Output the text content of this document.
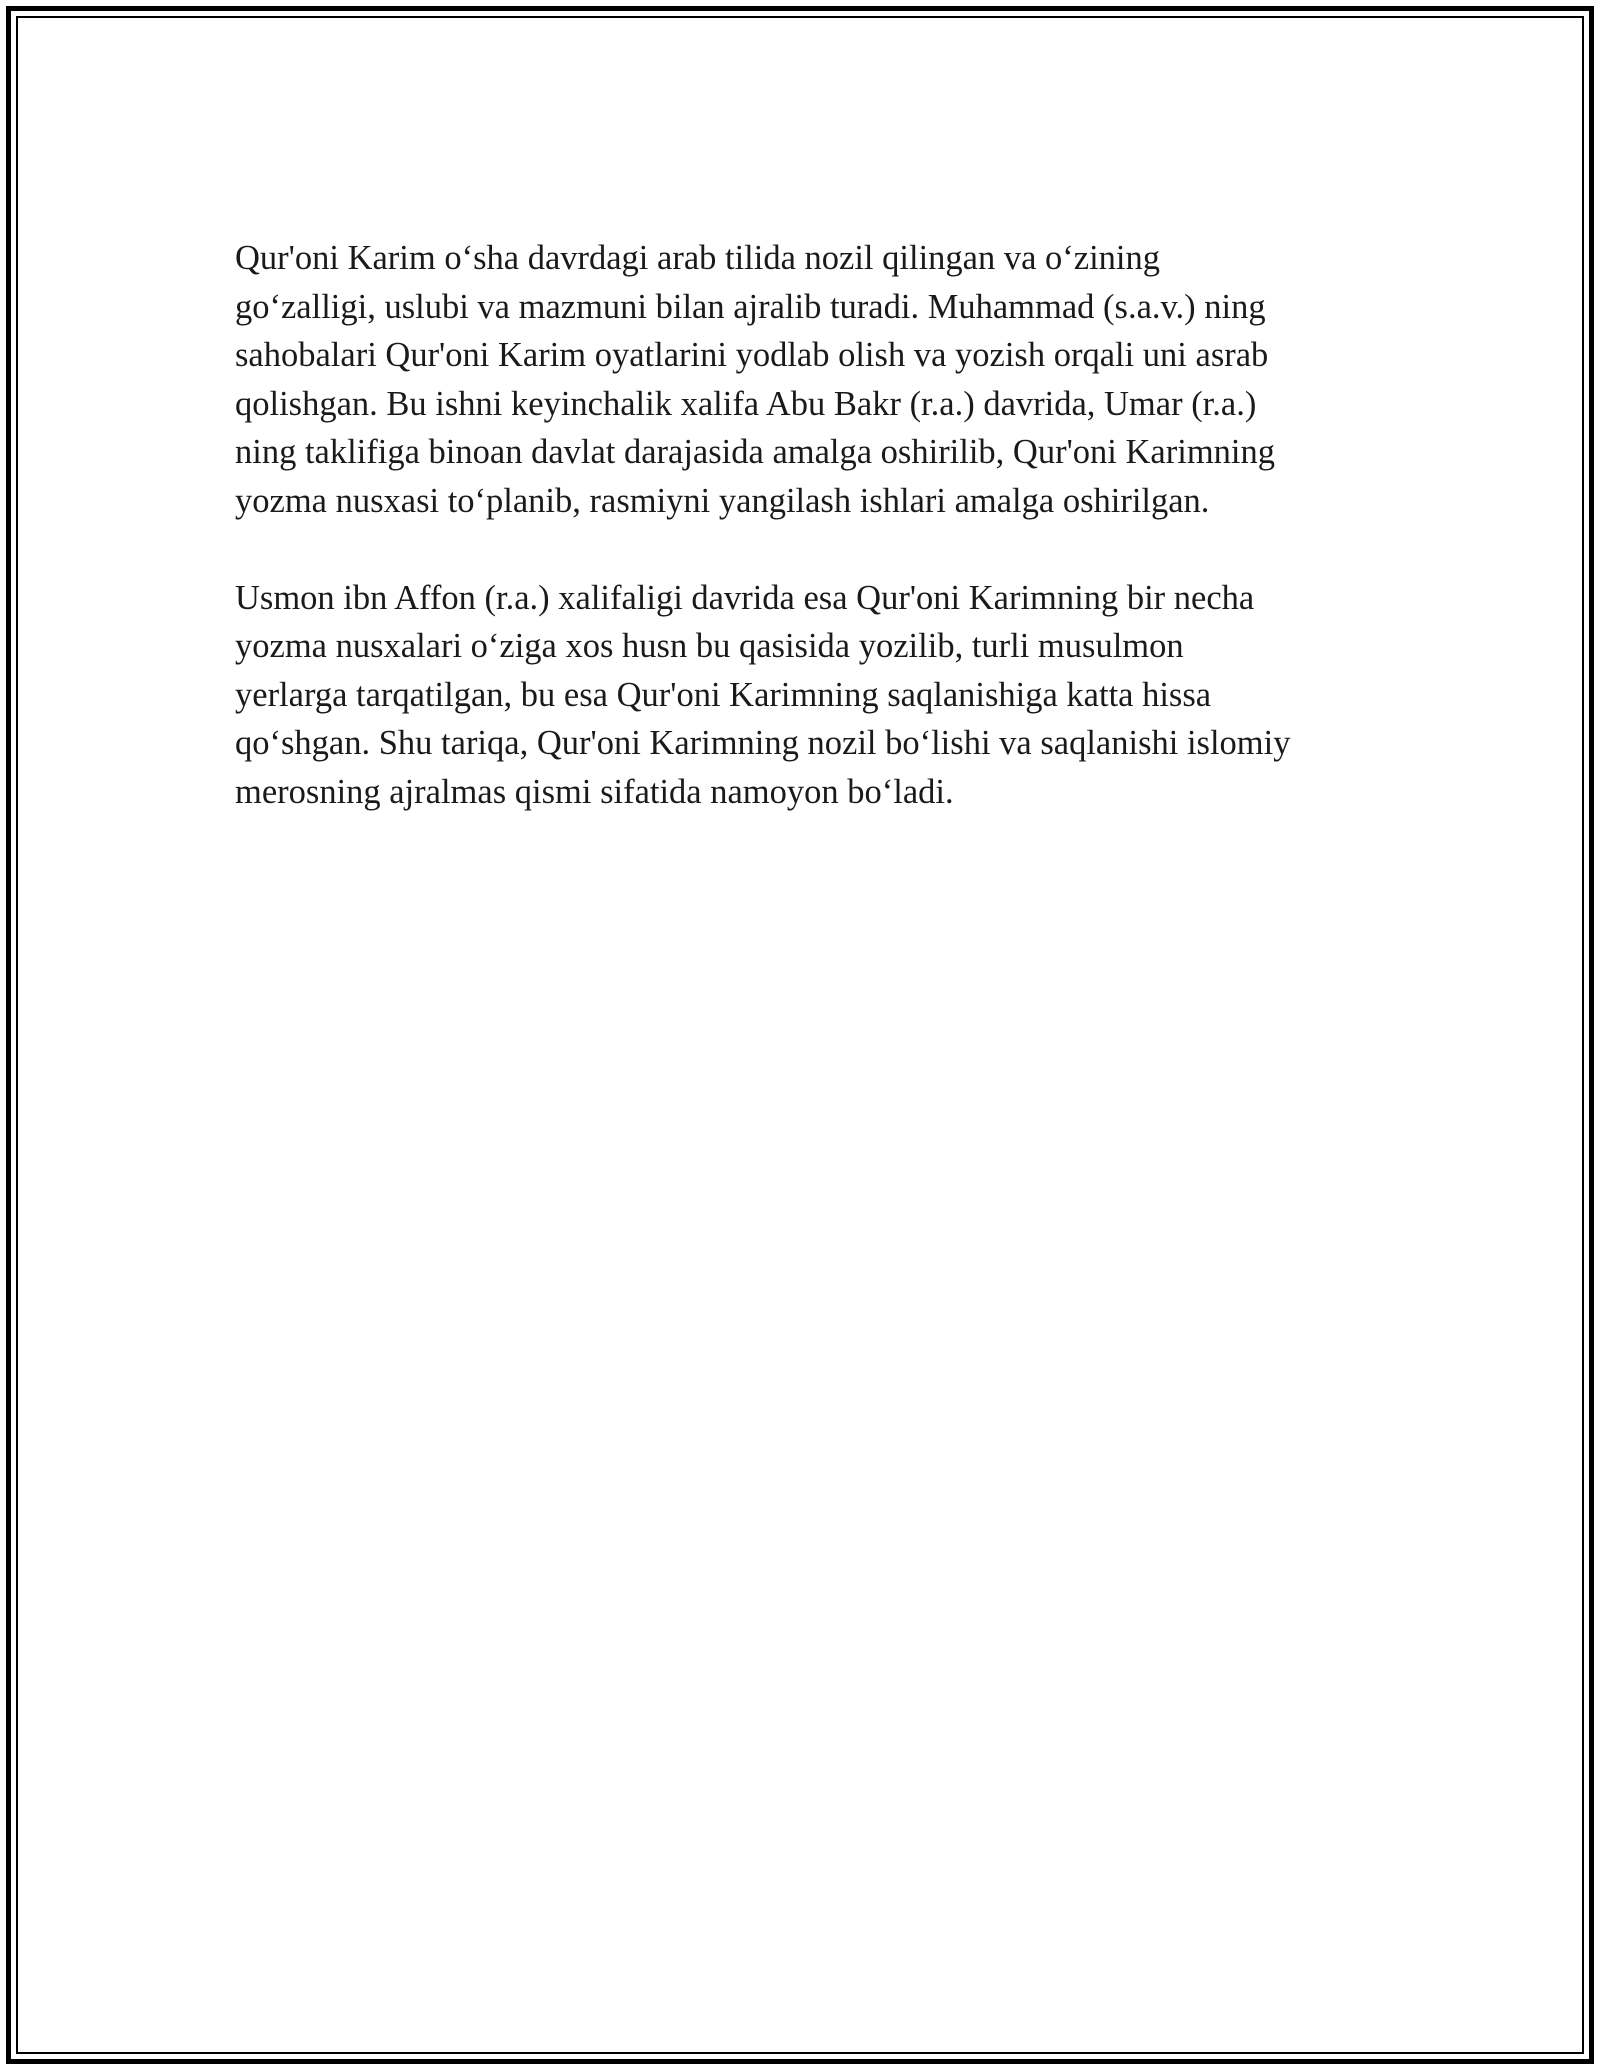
Qur'oni Karim o‘sha davrdagi arab tilida nozil qilingan va o‘zining
go‘zalligi, uslubi va mazmuni bilan ajralib turadi. Muhammad (s.a.v.) ning
sahobalari Qur'oni Karim oyatlarini yodlab olish va yozish orqali uni asrab
qolishgan. Bu ishni keyinchalik xalifa Abu Bakr (r.a.) davrida, Umar (r.a.)
ning taklifiga binoan davlat darajasida amalga oshirilib, Qur'oni Karimning
yozma nusxasi to‘planib, rasmiyni yangilash ishlari amalga oshirilgan.

Usmon ibn Affon (r.a.) xalifaligi davrida esa Qur'oni Karimning bir necha
yozma nusxalari o‘ziga xos husn bu qasisida yozilib, turli musulmon
yerlarga tarqatilgan, bu esa Qur'oni Karimning saqlanishiga katta hissa
qo‘shgan. Shu tariqa, Qur'oni Karimning nozil bo‘lishi va saqlanishi islomiy
merosning ajralmas qismi sifatida namoyon bo‘ladi.
